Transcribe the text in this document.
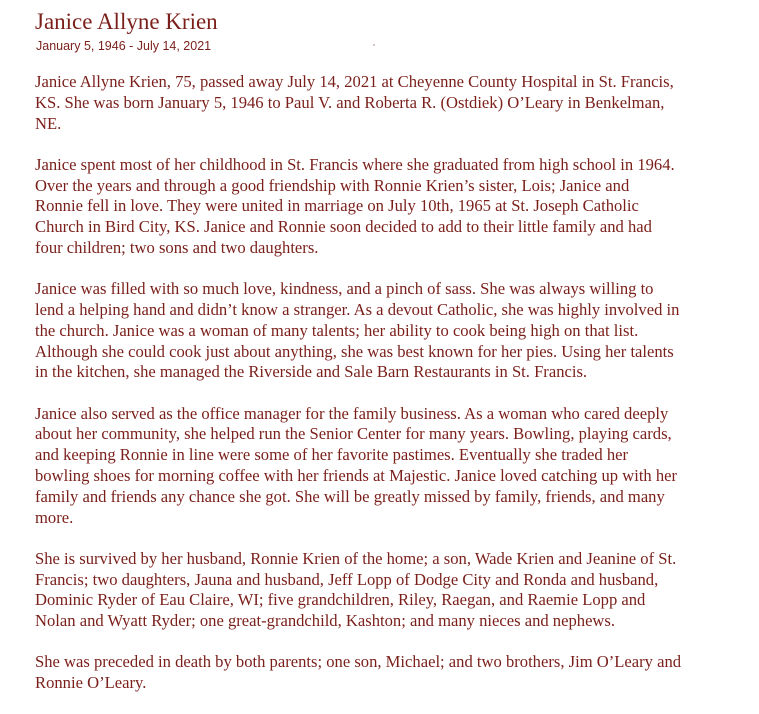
Janice Allyne Krien
January 5, 1946 - July 14, 2021

Janice Allyne Krien, 75, passed away July 14, 2021 at Cheyenne County Hospital in St. Francis,
KS. She was born January 5, 1946 to Paul V. and Roberta R. (Ostdiek) O’Leary in Benkelman,
NE.

Janice spent most of her childhood in St. Francis where she graduated from high school in 1964.
Over the years and through a good friendship with Ronnie Krien’s sister, Lois; Janice and
Ronnie fell in love. They were united in marriage on July 10th, 1965 at St. Joseph Catholic
Church in Bird City, KS. Janice and Ronnie soon decided to add to their little family and had
four children; two sons and two daughters.

Janice was filled with so much love, kindness, and a pinch of sass. She was always willing to
lend a helping hand and didn’t know a stranger. As a devout Catholic, she was highly involved in
the church. Janice was a woman of many talents; her ability to cook being high on that list.
Although she could cook just about anything, she was best known for her pies. Using her talents
in the kitchen, she managed the Riverside and Sale Barn Restaurants in St. Francis.

Janice also served as the office manager for the family business. As a woman who cared deeply
about her community, she helped run the Senior Center for many years. Bowling, playing cards,
and keeping Ronnie in line were some of her favorite pastimes. Eventually she traded her
bowling shoes for morning coffee with her friends at Majestic. Janice loved catching up with her
family and friends any chance she got. She will be greatly missed by family, friends, and many
more.

She is survived by her husband, Ronnie Krien of the home; a son, Wade Krien and Jeanine of St.
Francis; two daughters, Jauna and husband, Jeff Lopp of Dodge City and Ronda and husband,
Dominic Ryder of Eau Claire, WI; five grandchildren, Riley, Raegan, and Raemie Lopp and
Nolan and Wyatt Ryder; one great-grandchild, Kashton; and many nieces and nephews.

She was preceded in death by both parents; one son, Michael; and two brothers, Jim O’Leary and
Ronnie O’Leary.
